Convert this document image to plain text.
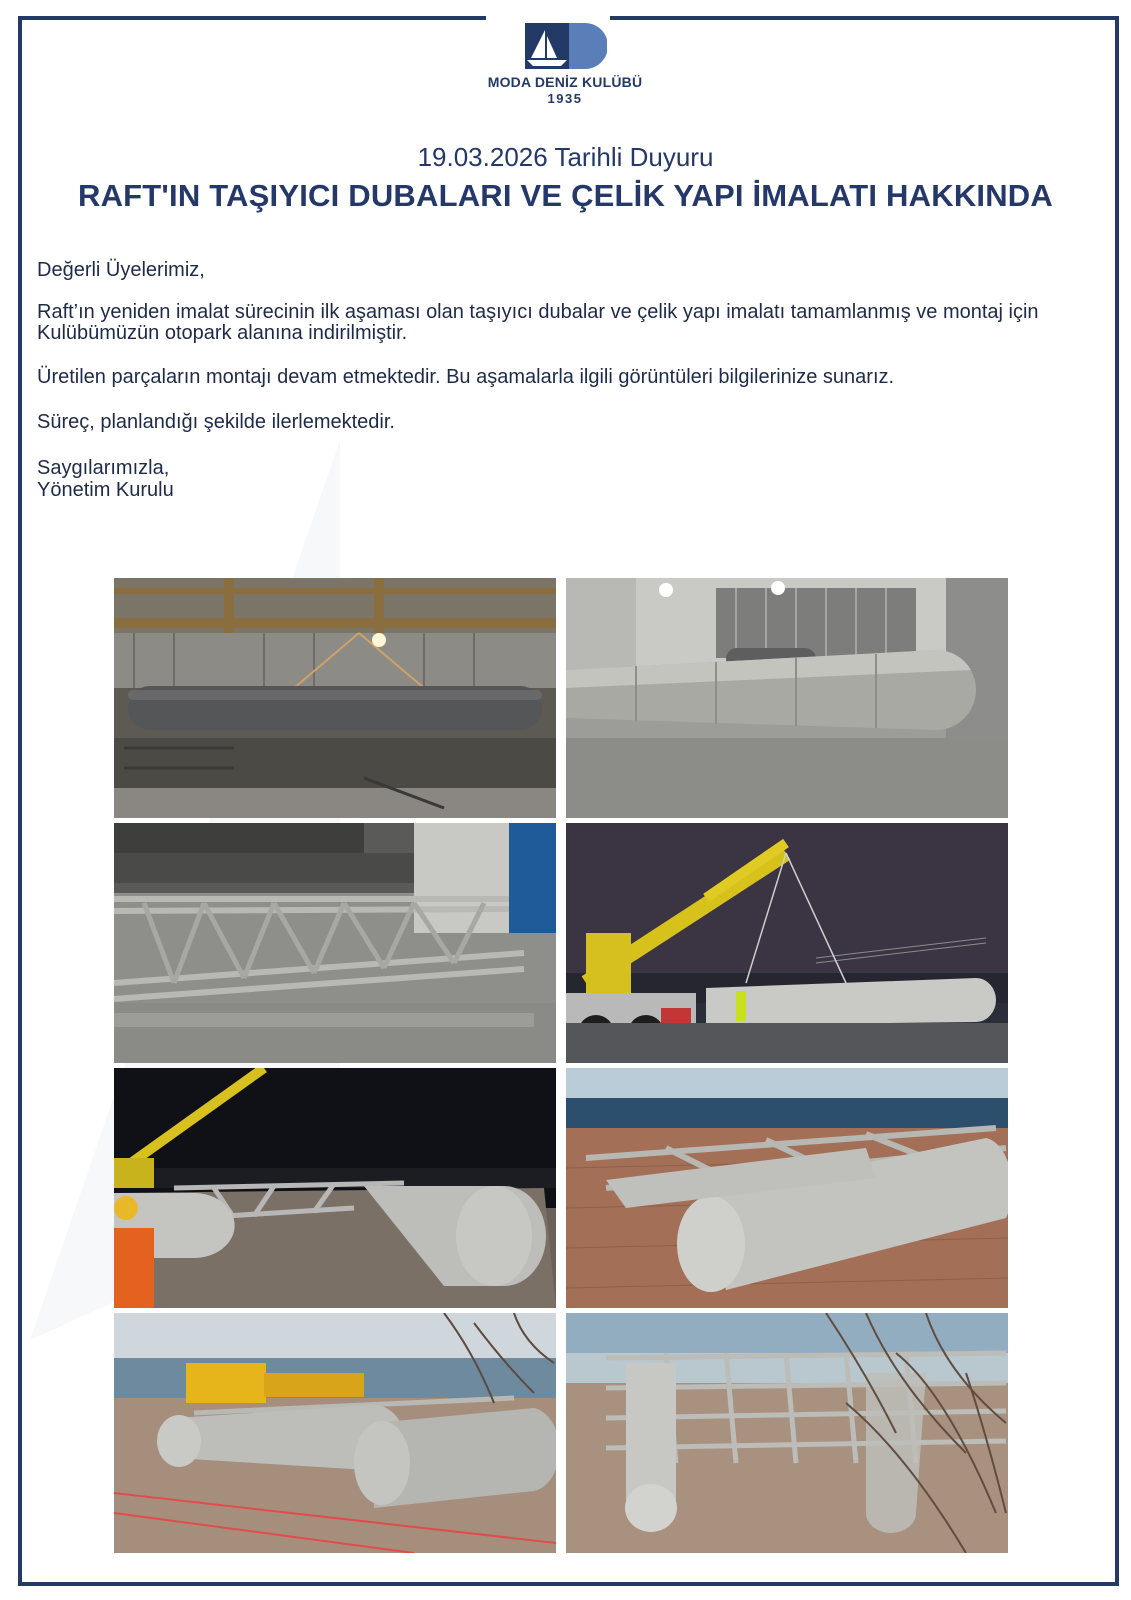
MODA DENİZ KULÜBÜ
1935
19.03.2026 Tarihli Duyuru
RAFT'IN TAŞIYICI DUBALARI VE ÇELİK YAPI İMALATI HAKKINDA

Değerli Üyelerimiz,

Raft’ın yeniden imalat sürecinin ilk aşaması olan taşıyıcı dubalar ve çelik yapı imalatı tamamlanmış ve montaj için Kulübümüzün otopark alanına indirilmiştir.

Üretilen parçaların montajı devam etmektedir. Bu aşamalarla ilgili görüntüleri bilgilerinize sunarız.

Süreç, planlandığı şekilde ilerlemektedir.

Saygılarımızla,

Yönetim Kurulu
